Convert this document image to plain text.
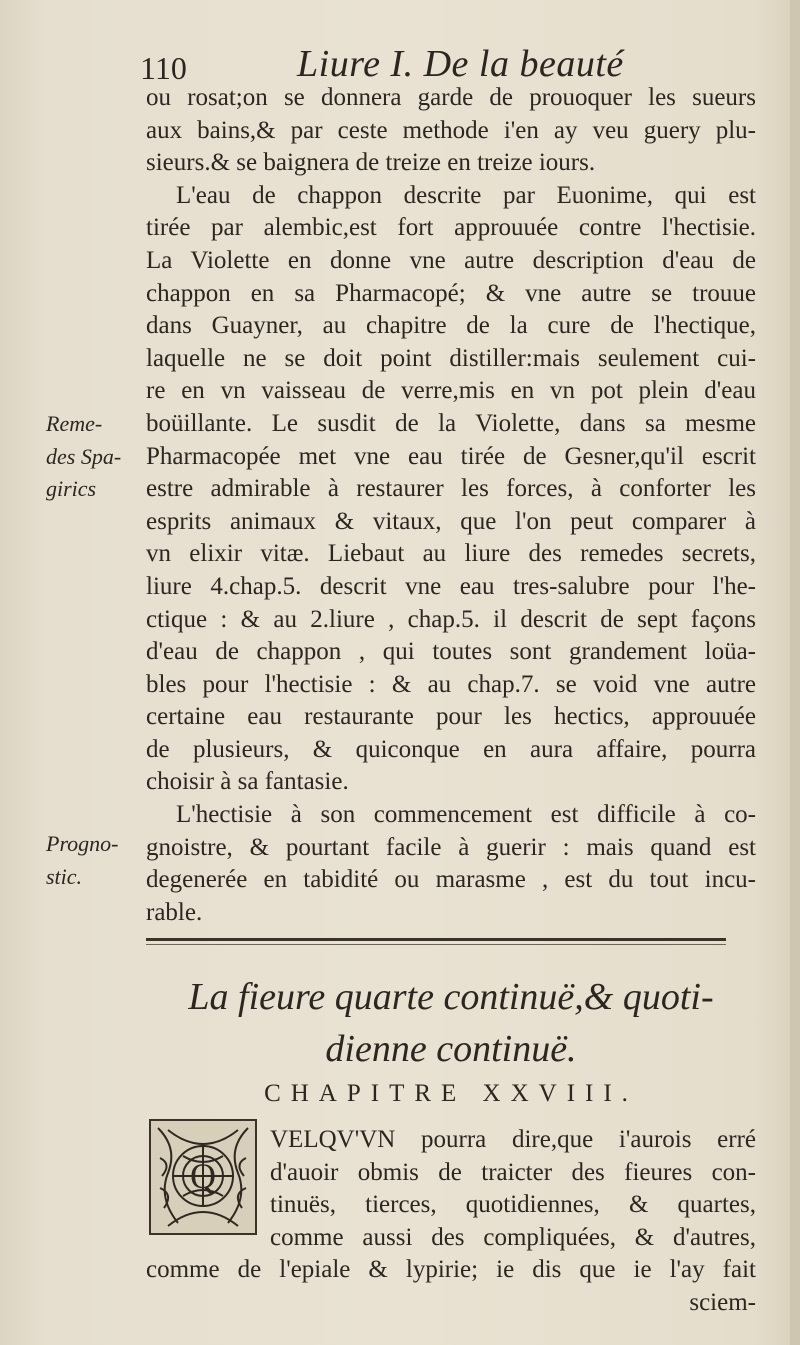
110	Liure I. De la beauté
ou rosat;on se donnera garde de prouoquer les sueurs
aux bains,& par ceste methode i'en ay veu guery plu-
sieurs.& se baignera de treize en treize iours.
L'eau de chappon descrite par Euonime, qui est
tirée par alembic,est fort approuuée contre l'hectisie.
La Violette en donne vne autre description d'eau de
chappon en sa Pharmacopé; & vne autre se trouue
dans Guayner, au chapitre de la cure de l'hectique,
laquelle ne se doit point distiller:mais seulement cui-
re en vn vaisseau de verre,mis en vn pot plein d'eau
boüillante. Le susdit de la Violette, dans sa mesme
Pharmacopée met vne eau tirée de Gesner,qu'il escrit
estre admirable à restaurer les forces, à conforter les
esprits animaux & vitaux, que l'on peut comparer à
vn elixir vitæ. Liebaut au liure des remedes secrets,
liure 4.chap.5. descrit vne eau tres-salubre pour l'he-
ctique : & au 2.liure , chap.5. il descrit de sept façons
d'eau de chappon , qui toutes sont grandement loüa-
bles pour l'hectisie : & au chap.7. se void vne autre
certaine eau restaurante pour les hectics, approuuée
de plusieurs, & quiconque en aura affaire, pourra
choisir à sa fantasie.
L'hectisie à son commencement est difficile à co-
gnoistre, & pourtant facile à guerir : mais quand est
degenerée en tabidité ou marasme , est du tout incu-
rable.
Reme-
des Spa-
girics
Progno-
stic.
La fieure quarte continuë,& quoti-
dienne continuë.
CHAPITRE XXVIII.
Q
VELQV'VN pourra dire,que i'aurois erré
d'auoir obmis de traicter des fieures con-
tinuës, tierces, quotidiennes, & quartes,
comme aussi des compliquées, & d'autres,
comme de l'epiale & lypirie; ie dis que ie l'ay fait
sciem-
